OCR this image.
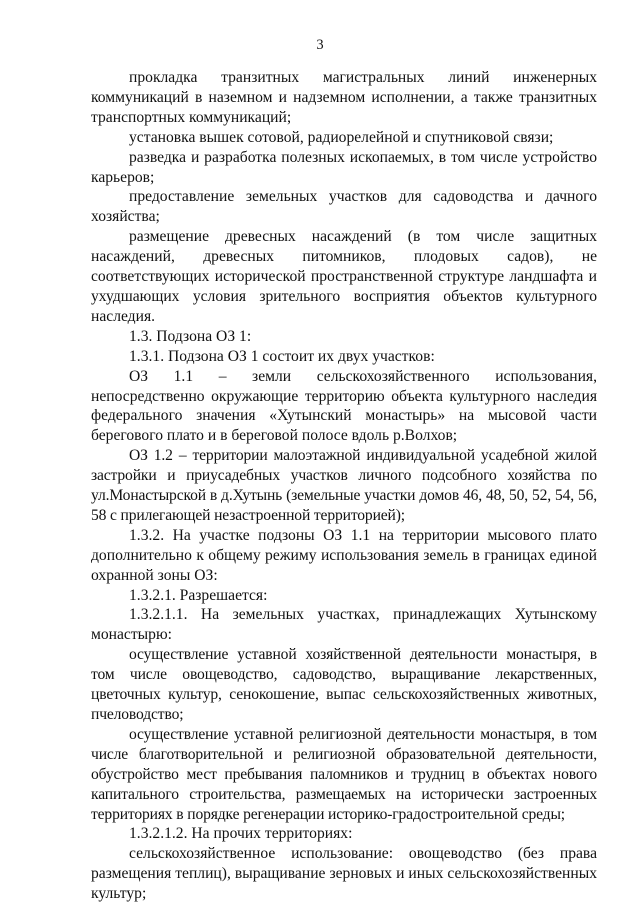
3

прокладка транзитных магистральных линий инженерных коммуникаций в наземном и надземном исполнении, а также транзитных транспортных коммуникаций;

установка вышек сотовой, радиорелейной и спутниковой связи;

разведка и разработка полезных ископаемых, в том числе устройство карьеров;

предоставление земельных участков для садоводства и дачного хозяйства;

размещение древесных насаждений (в том числе защитных насаждений, древесных питомников, плодовых садов), не соответствующих исторической пространственной структуре ландшафта и ухудшающих условия зрительного восприятия объектов культурного наследия.

1.3. Подзона ОЗ 1:

1.3.1. Подзона ОЗ 1 состоит их двух участков:

ОЗ 1.1 – земли сельскохозяйственного использования, непосредственно окружающие территорию объекта культурного наследия федерального значения «Хутынский монастырь» на мысовой части берегового плато и в береговой полосе вдоль р.Волхов;

ОЗ 1.2 – территории малоэтажной индивидуальной усадебной жилой застройки и приусадебных участков личного подсобного хозяйства по ул.Монастырской в д.Хутынь (земельные участки домов 46, 48, 50, 52, 54, 56, 58 с прилегающей незастроенной территорией);

1.3.2. На участке подзоны ОЗ 1.1 на территории мысового плато дополнительно к общему режиму использования земель в границах единой охранной зоны ОЗ:

1.3.2.1. Разрешается:

1.3.2.1.1. На земельных участках, принадлежащих Хутынскому монастырю:

осуществление уставной хозяйственной деятельности монастыря, в том числе овощеводство, садоводство, выращивание лекарственных, цветочных культур, сенокошение, выпас сельскохозяйственных животных, пчеловодство;

осуществление уставной религиозной деятельности монастыря, в том числе благотворительной и религиозной образовательной деятельности, обустройство мест пребывания паломников и трудниц в объектах нового капитального строительства, размещаемых на исторически застроенных территориях в порядке регенерации историко-градостроительной среды;

1.3.2.1.2. На прочих территориях:

сельскохозяйственное использование: овощеводство (без права размещения теплиц), выращивание зерновых и иных сельскохозяйственных культур;
